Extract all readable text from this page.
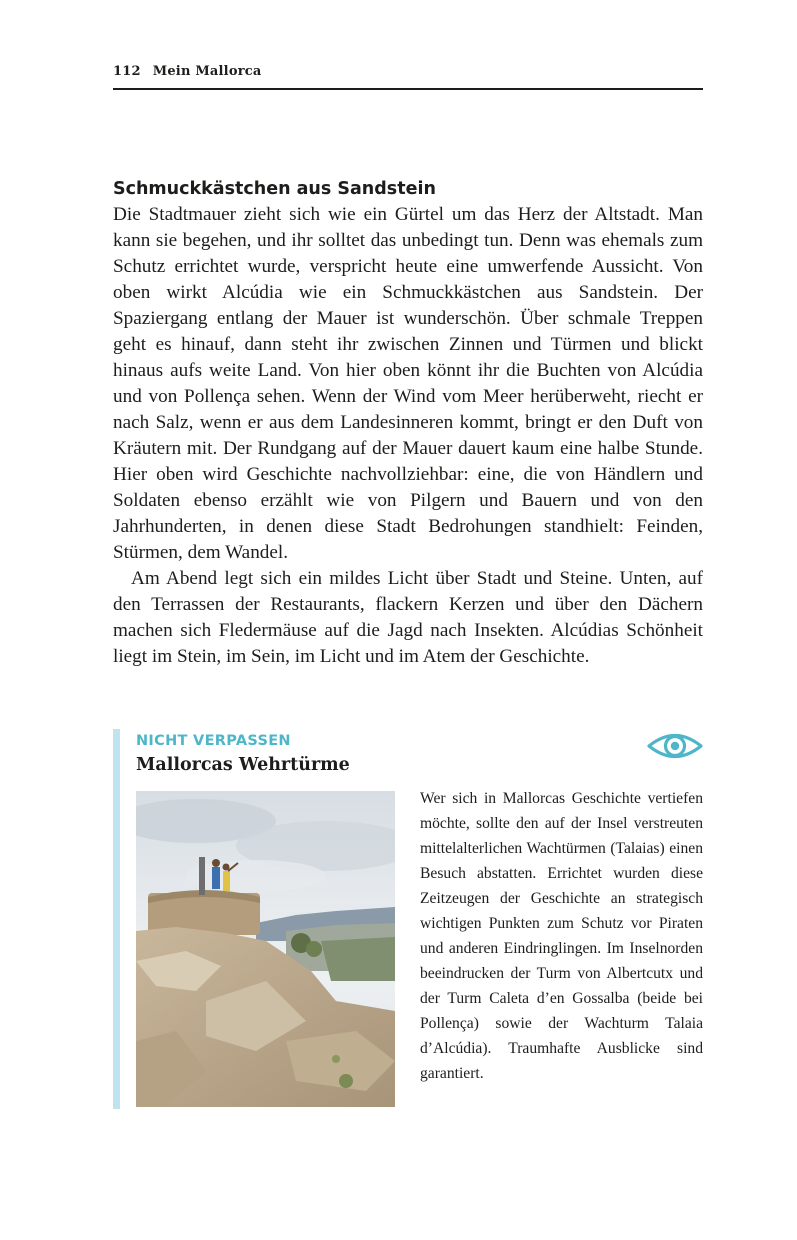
112 Mein Mallorca
Schmuckkästchen aus Sandstein

Die Stadtmauer zieht sich wie ein Gürtel um das Herz der Altstadt. Man kann sie begehen, und ihr solltet das unbedingt tun. Denn was ehemals zum Schutz errichtet wurde, verspricht heute eine umwerfende Aussicht. Von oben wirkt Alcúdia wie ein Schmuckkästchen aus Sandstein. Der Spaziergang entlang der Mauer ist wunderschön. Über schmale Treppen geht es hinauf, dann steht ihr zwischen Zinnen und Türmen und blickt hinaus aufs weite Land. Von hier oben könnt ihr die Buchten von Alcúdia und von Pollença sehen. Wenn der Wind vom Meer herüberweht, riecht er nach Salz, wenn er aus dem Landesinneren kommt, bringt er den Duft von Kräutern mit. Der Rundgang auf der Mauer dauert kaum eine halbe Stunde. Hier oben wird Geschichte nachvollziehbar: eine, die von Händlern und Soldaten ebenso erzählt wie von Pilgern und Bauern und von den Jahrhunderten, in denen diese Stadt Bedrohungen standhielt: Feinden, Stürmen, dem Wandel.

Am Abend legt sich ein mildes Licht über Stadt und Steine. Unten, auf den Terrassen der Restaurants, flackern Kerzen und über den Dächern machen sich Fledermäuse auf die Jagd nach Insekten. Alcúdias Schönheit liegt im Stein, im Sein, im Licht und im Atem der Geschichte.

NICHT VERPASSEN
Mallorcas Wehrtürme
Wer sich in Mallorcas Geschichte vertiefen möchte, sollte den auf der Insel verstreuten mittelalterlichen Wachtürmen (Talaias) einen Besuch abstatten. Errichtet wurden diese Zeitzeugen der Geschichte an strategisch wichtigen Punkten zum Schutz vor Piraten und anderen Eindringlingen. Im Inselnorden beeindrucken der Turm von Albertcutx und der Turm Caleta d’en Gossalba (beide bei Pollença) sowie der Wachturm Talaia d’Alcúdia). Traumhafte Ausblicke sind garantiert.
